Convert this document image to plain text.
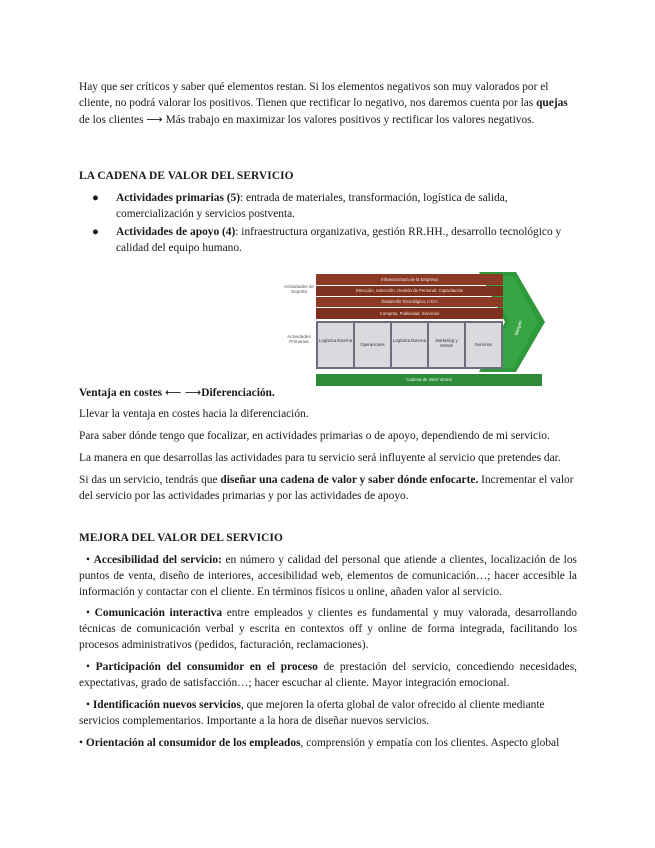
Hay que ser críticos y saber qué elementos restan. Si los elementos negativos son muy valorados por el cliente, no podrá valorar los positivos. Tienen que rectificar lo negativo, nos daremos cuenta por las quejas de los clientes ⟶ Más trabajo en maximizar los valores positivos y rectificar los valores negativos.

LA CADENA DE VALOR DEL SERVICIO

● Actividades primarias (5): entrada de materiales, transformación, logística de salida, comercialización y servicios postventa.
● Actividades de apoyo (4): infraestructura organizativa, gestión RR.HH., desarrollo tecnológico y calidad del equipo humano.
Actividades de Soporte
Actividades Primarias
Infraestructura de la Empresa
Dirección, Selección, Gestión de Personal, Capacitación
Desarrollo Tecnológico, I+D+i
Compras, Publicidad, Servicios
Logística Externa
Operaciones
Logística Externa	Marketing y Ventas	Servicios
Margen
Cadena de Valor Virtual

Ventaja en costes ⟵ ⟶Diferenciación.

Llevar la ventaja en costes hacia la diferenciación.

Para saber dónde tengo que focalizar, en actividades primarias o de apoyo, dependiendo de mi servicio.

La manera en que desarrollas las actividades para tu servicio será influyente al servicio que pretendes dar.

Si das un servicio, tendrás que diseñar una cadena de valor y saber dónde enfocarte. Incrementar el valor del servicio por las actividades primarias y por las actividades de apoyo.

MEJORA DEL VALOR DEL SERVICIO

• Accesibilidad del servicio: en número y calidad del personal que atiende a clientes, localización de los puntos de venta, diseño de interiores, accesibilidad web, elementos de comunicación…; hacer accesible la información y contactar con el cliente. En términos físicos u online, añaden valor al servicio.

• Comunicación interactiva entre empleados y clientes es fundamental y muy valorada, desarrollando técnicas de comunicación verbal y escrita en contextos off y online de forma integrada, facilitando los procesos administrativos (pedidos, facturación, reclamaciones).

• Participación del consumidor en el proceso de prestación del servicio, concediendo necesidades, expectativas, grado de satisfacción…; hacer escuchar al cliente. Mayor integración emocional.

• Identificación nuevos servicios, que mejoren la oferta global de valor ofrecido al cliente mediante servicios complementarios. Importante a la hora de diseñar nuevos servicios.

• Orientación al consumidor de los empleados, comprensión y empatía con los clientes. Aspecto global
